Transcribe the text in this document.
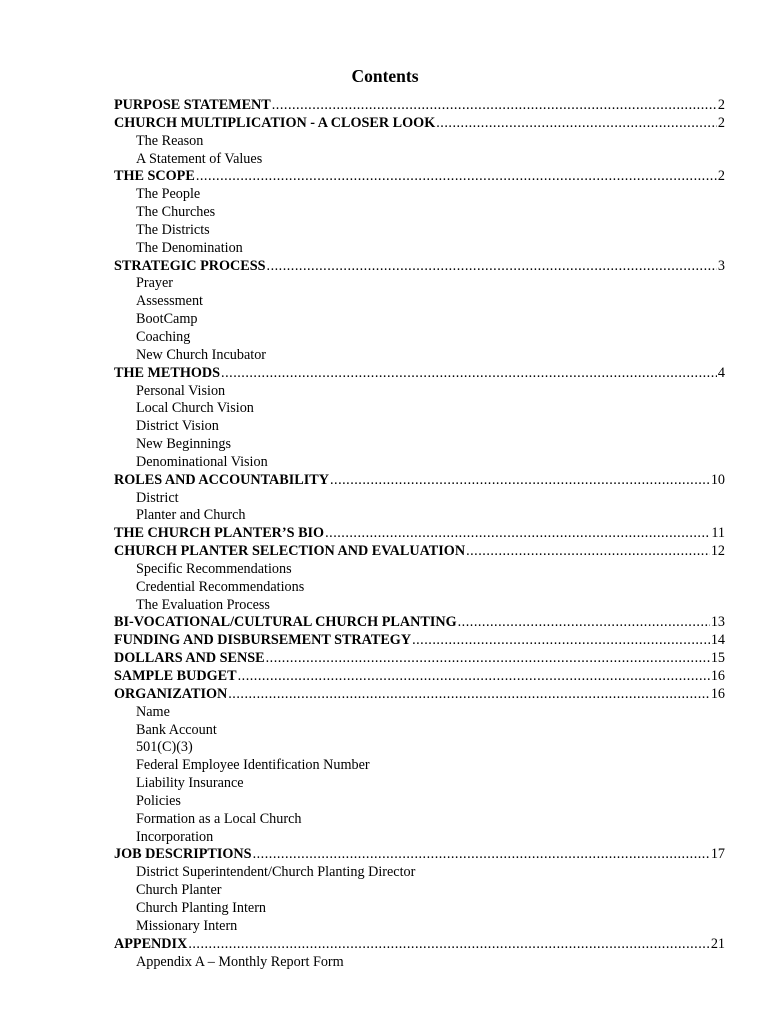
Contents
PURPOSE STATEMENT .....	2
CHURCH MULTIPLICATION - A CLOSER LOOK .....	2
The Reason
A Statement of Values
THE SCOPE .....	2
The People
The Churches
The Districts
The Denomination
STRATEGIC PROCESS .....	3
Prayer
Assessment
BootCamp
Coaching
New Church Incubator
THE METHODS .....	4
Personal Vision
Local Church Vision
District Vision
New Beginnings
Denominational Vision
ROLES AND ACCOUNTABILITY .....	10
District
Planter and Church
THE CHURCH PLANTER’S BIO .....	11
CHURCH PLANTER SELECTION AND EVALUATION .....	12
Specific Recommendations
Credential Recommendations
The Evaluation Process
BI-VOCATIONAL/CULTURAL CHURCH PLANTING .....	13
FUNDING AND DISBURSEMENT STRATEGY .....	14
DOLLARS AND SENSE .....	15
SAMPLE BUDGET .....	16
ORGANIZATION .....	16
Name
Bank Account
501(C)(3)
Federal Employee Identification Number
Liability Insurance
Policies
Formation as a Local Church
Incorporation
JOB DESCRIPTIONS .....	17
District Superintendent/Church Planting Director
Church Planter
Church Planting Intern
Missionary Intern
APPENDIX .....	21
Appendix A – Monthly Report Form
